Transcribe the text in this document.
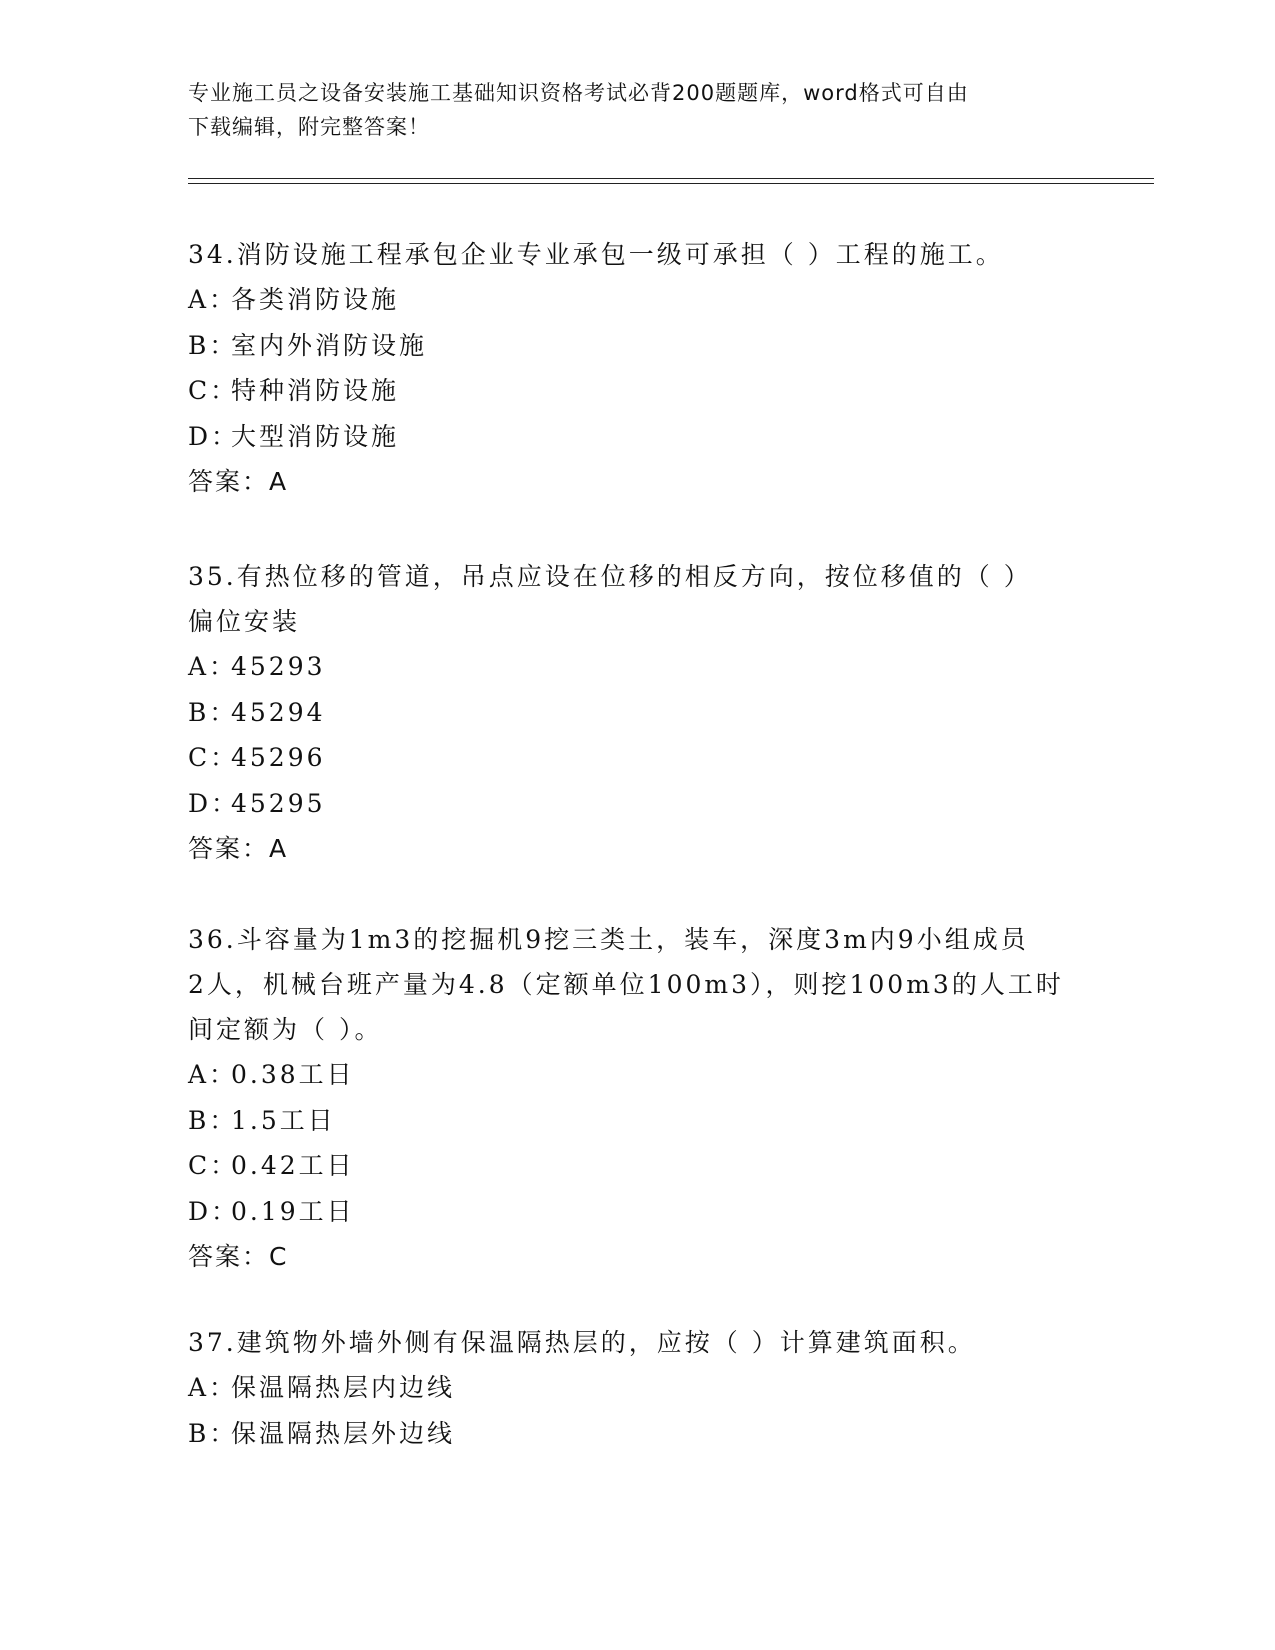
专业施工员之设备安装施工基础知识资格考试必背200题题库，word格式可自由
下载编辑，附完整答案！

34.消防设施工程承包企业专业承包一级可承担（ ）工程的施工。

A：
各类消防设施

B：
室内外消防设施

C：
特种消防设施

D：
大型消防设施

答案：A

35.有热位移的管道，吊点应设在位移的相反方向，按位移值的（ ）

偏位安装

A：
45293

B：
45294

C：
45296

D：
45295

答案：A

36.斗容量为1m3的挖掘机9挖三类土，装车，深度3m内9小组成员

2人，机械台班产量为4.8（定额单位100m3），则挖100m3的人工时

间定额为（ ）。

A：
0.38工日

B：
1.5工日

C：
0.42工日

D：
0.19工日

答案：C

37.建筑物外墙外侧有保温隔热层的，应按（ ）计算建筑面积。

A：
保温隔热层内边线

B：
保温隔热层外边线
